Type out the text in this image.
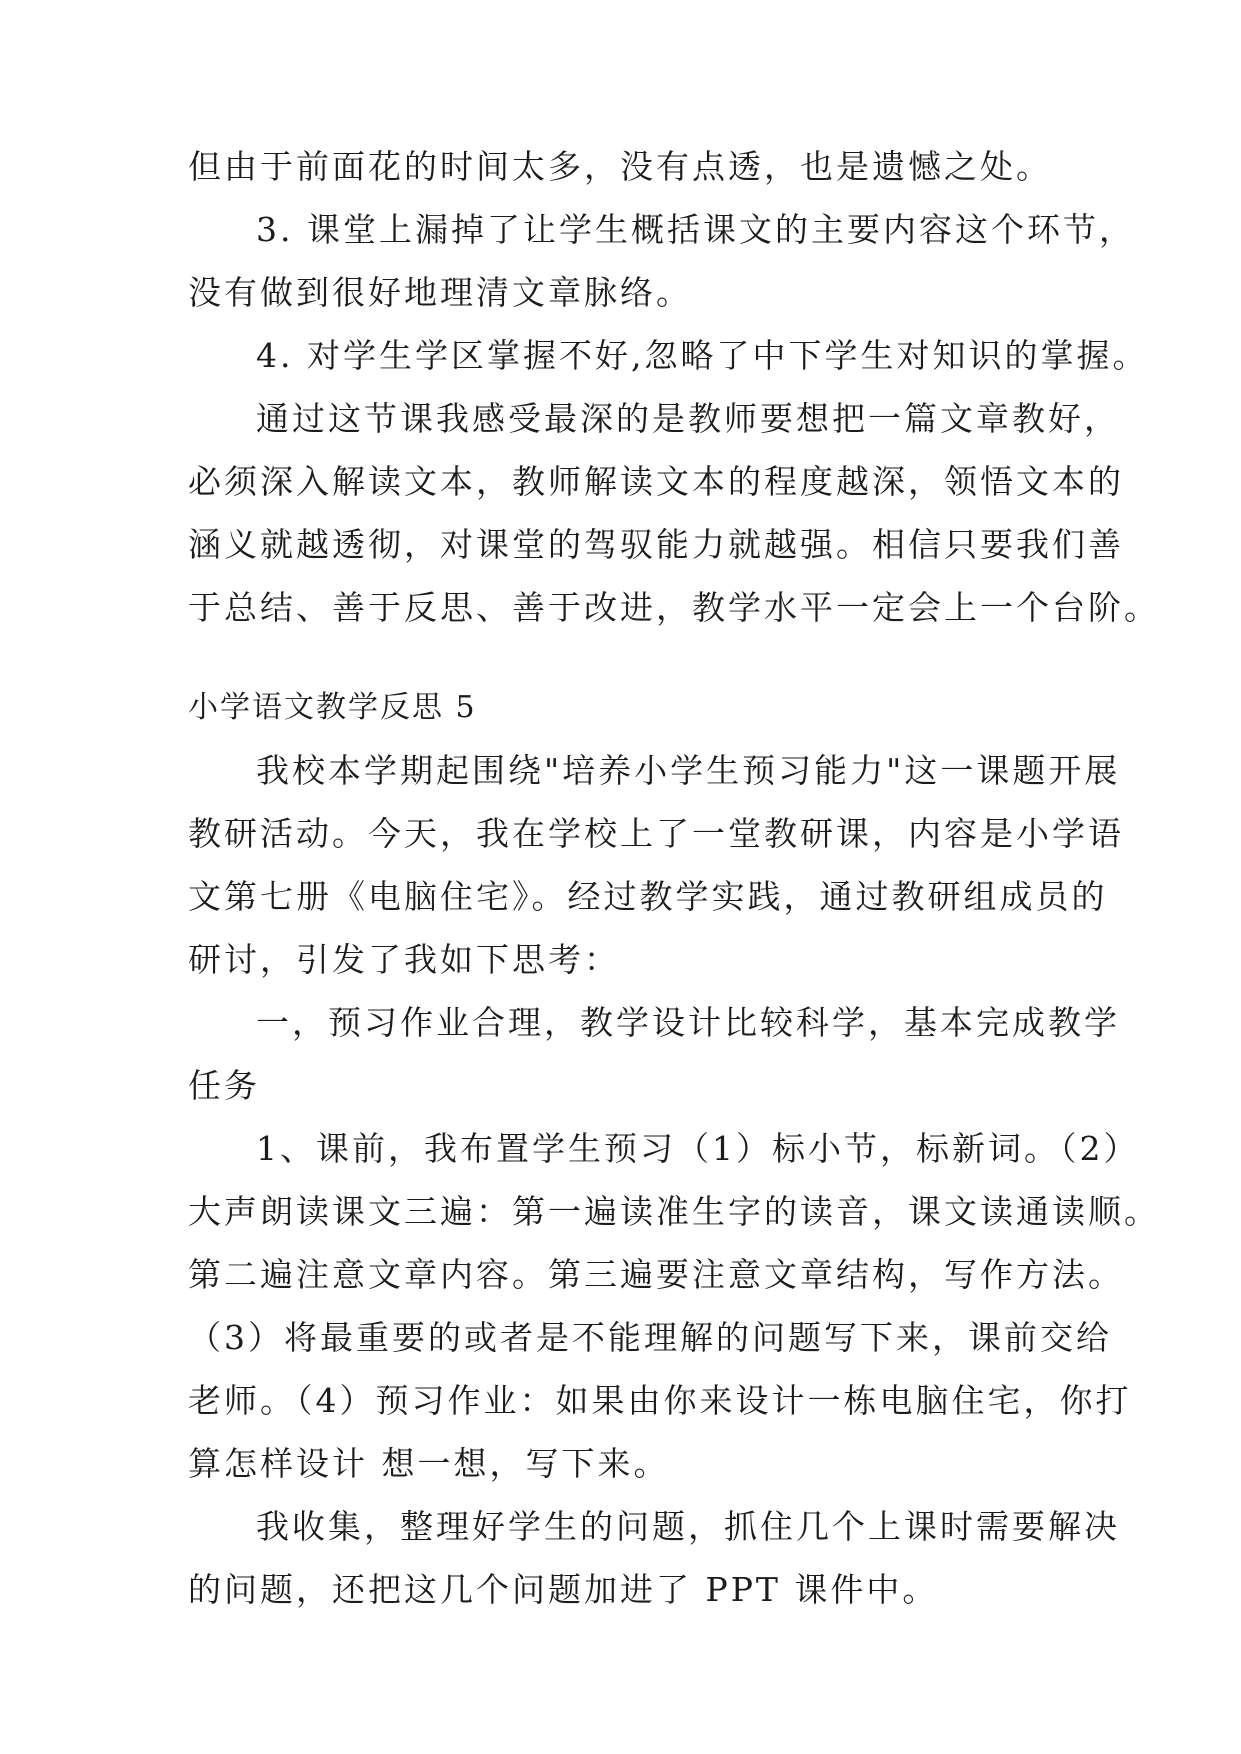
但由于前面花的时间太多，没有点透，也是遗憾之处。
3. 课堂上漏掉了让学生概括课文的主要内容这个环节，
没有做到很好地理清文章脉络。
4. 对学生学区掌握不好,忽略了中下学生对知识的掌握。
通过这节课我感受最深的是教师要想把一篇文章教好，
必须深入解读文本，教师解读文本的程度越深，领悟文本的
涵义就越透彻，对课堂的驾驭能力就越强。相信只要我们善
于总结、善于反思、善于改进，教学水平一定会上一个台阶。
小学语文教学反思 5
我校本学期起围绕"培养小学生预习能力"这一课题开展
教研活动。今天，我在学校上了一堂教研课，内容是小学语
文第七册《电脑住宅》。经过教学实践，通过教研组成员的
研讨，引发了我如下思考：
一，预习作业合理，教学设计比较科学，基本完成教学
任务
1、课前，我布置学生预习（1）标小节，标新词。（2）
大声朗读课文三遍：第一遍读准生字的读音，课文读通读顺。
第二遍注意文章内容。第三遍要注意文章结构，写作方法。
（3）将最重要的或者是不能理解的问题写下来，课前交给
老师。（4）预习作业：如果由你来设计一栋电脑住宅，你打
算怎样设计 想一想，写下来。
我收集，整理好学生的问题，抓住几个上课时需要解决
的问题，还把这几个问题加进了 PPT 课件中。
